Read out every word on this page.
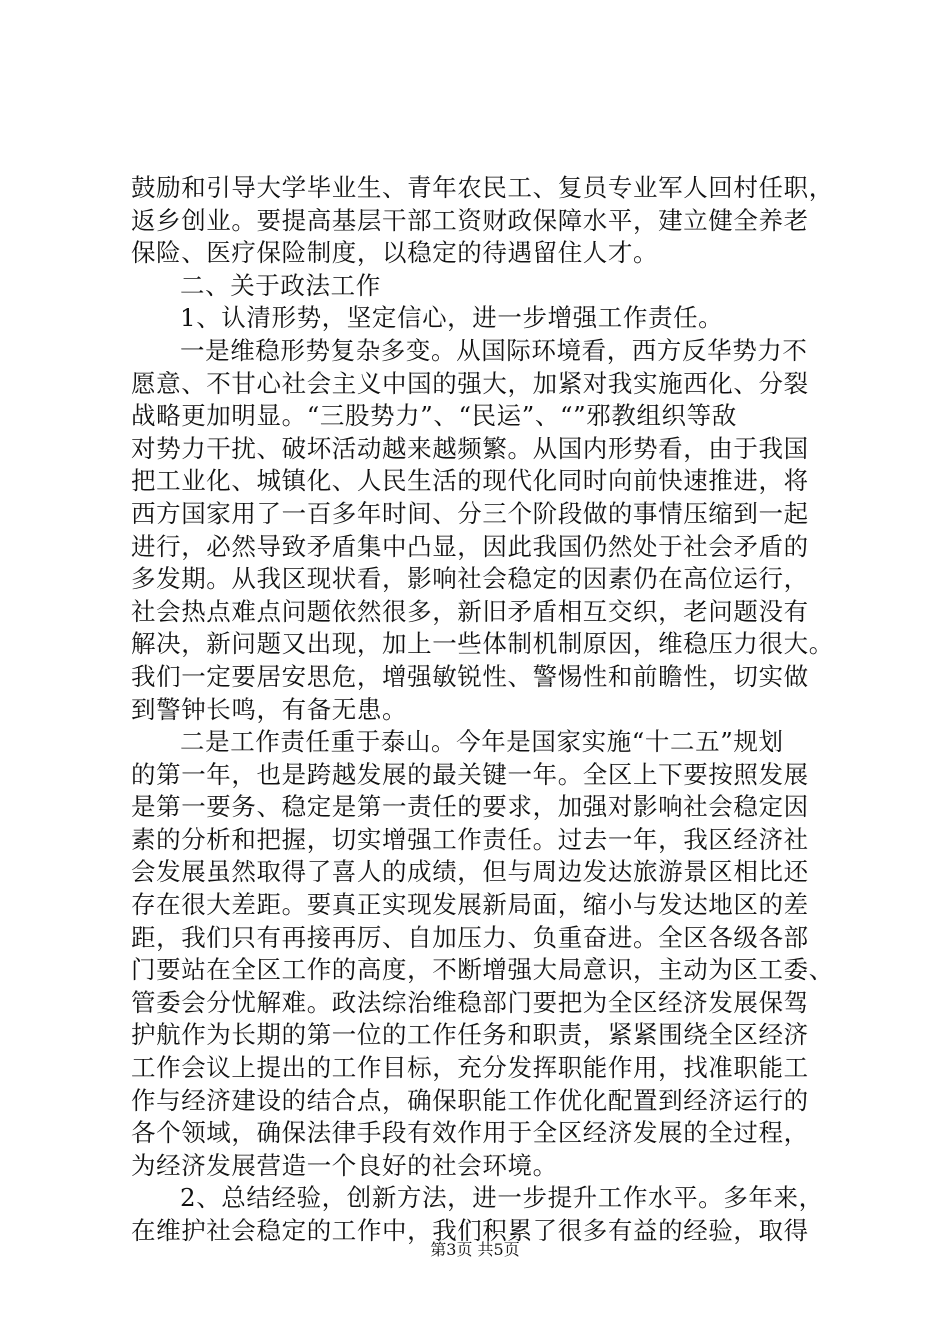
鼓励和引导大学毕业生、青年农民工、复员专业军人回村任职，
返乡创业。要提高基层干部工资财政保障水平，建立健全养老
保险、医疗保险制度，以稳定的待遇留住人才。
二、关于政法工作
1、认清形势，坚定信心，进一步增强工作责任。
一是维稳形势复杂多变。从国际环境看，西方反华势力不
愿意、不甘心社会主义中国的强大，加紧对我实施西化、分裂
战略更加明显。“三股势力”、“民运”、“”邪教组织等敌
对势力干扰、破坏活动越来越频繁。从国内形势看，由于我国
把工业化、城镇化、人民生活的现代化同时向前快速推进，将
西方国家用了一百多年时间、分三个阶段做的事情压缩到一起
进行，必然导致矛盾集中凸显，因此我国仍然处于社会矛盾的
多发期。从我区现状看，影响社会稳定的因素仍在高位运行，
社会热点难点问题依然很多，新旧矛盾相互交织，老问题没有
解决，新问题又出现，加上一些体制机制原因，维稳压力很大。
我们一定要居安思危，增强敏锐性、警惕性和前瞻性，切实做
到警钟长鸣，有备无患。
二是工作责任重于泰山。今年是国家实施“十二五”规划
的第一年，也是跨越发展的最关键一年。全区上下要按照发展
是第一要务、稳定是第一责任的要求，加强对影响社会稳定因
素的分析和把握，切实增强工作责任。过去一年，我区经济社
会发展虽然取得了喜人的成绩，但与周边发达旅游景区相比还
存在很大差距。要真正实现发展新局面，缩小与发达地区的差
距，我们只有再接再厉、自加压力、负重奋进。全区各级各部
门要站在全区工作的高度，不断增强大局意识，主动为区工委、
管委会分忧解难。政法综治维稳部门要把为全区经济发展保驾
护航作为长期的第一位的工作任务和职责，紧紧围绕全区经济
工作会议上提出的工作目标，充分发挥职能作用，找准职能工
作与经济建设的结合点，确保职能工作优化配置到经济运行的
各个领域，确保法律手段有效作用于全区经济发展的全过程，
为经济发展营造一个良好的社会环境。
2、总结经验，创新方法，进一步提升工作水平。多年来，
在维护社会稳定的工作中，我们积累了很多有益的经验，取得
第3页 共5页
